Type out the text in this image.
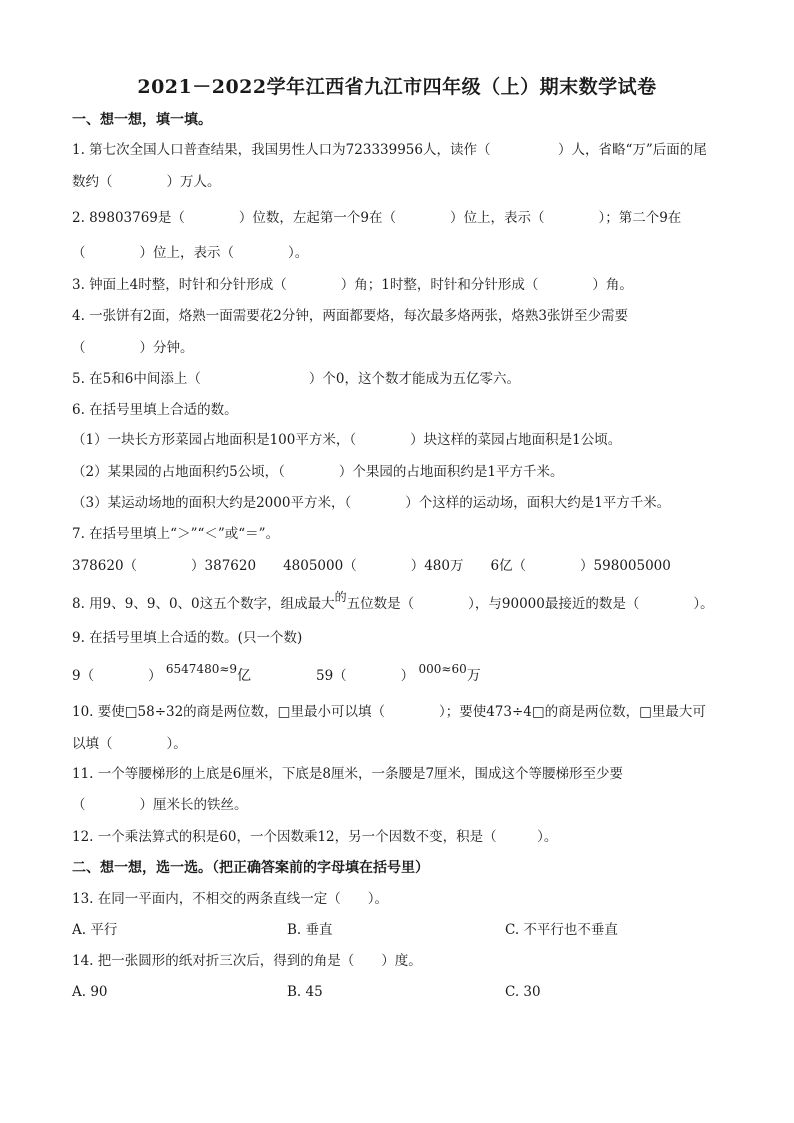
2021－2022学年江西省九江市四年级（上）期末数学试卷
一、想一想，填一填。
1. 第七次全国人口普查结果，我国男性人口为723339956人，读作（　　　　　）人，省略“万”后面的尾
数约（　　　　）万人。
2. 89803769是（　　　　）位数，左起第一个9在（　　　　）位上，表示（　　　　）；第二个9在
（　　　　）位上，表示（　　　　）。
3. 钟面上4时整，时针和分针形成（　　　　）角；1时整，时针和分针形成（　　　　）角。
4. 一张饼有2面，烙熟一面需要花2分钟，两面都要烙，每次最多烙两张，烙熟3张饼至少需要
（　　　　）分钟。
5. 在5和6中间添上（　　　　　　　　）个0，这个数才能成为五亿零六。
6. 在括号里填上合适的数。
（1）一块长方形菜园占地面积是100平方米，（　　　　）块这样的菜园占地面积是1公顷。
（2）某果园的占地面积约5公顷，（　　　　）个果园的占地面积约是1平方千米。
（3）某运动场地的面积大约是2000平方米，（　　　　）个这样的运动场，面积大约是1平方千米。
7. 在括号里填上“＞”“＜”或“＝”。
378620（　　　　）387620　　4805000（　　　　）480万　　6亿（　　　　）598005000
8. 用9、9、9、0、0这五个数字，组成最大的五位数是（　　　　），与90000最接近的数是（　　　　）。
9. 在括号里填上合适的数。(只一个数)
9（　　　　） 6547480≈9亿	59（　　　　） 000≈60万
10. 要使□58÷32的商是两位数，□里最小可以填（　　　　）；要使473÷4□的商是两位数，□里最大可
以填（　　　　）。
11. 一个等腰梯形的上底是6厘米，下底是8厘米，一条腰是7厘米，围成这个等腰梯形至少要
（　　　　）厘米长的铁丝。
12. 一个乘法算式的积是60，一个因数乘12，另一个因数不变，积是（　　　）。
二、想一想，选一选。（把正确答案前的字母填在括号里）
13. 在同一平面内，不相交的两条直线一定（　　）。
A. 平行	B. 垂直	C. 不平行也不垂直
14. 把一张圆形的纸对折三次后，得到的角是（　　）度。
A. 90	B. 45	C. 30
